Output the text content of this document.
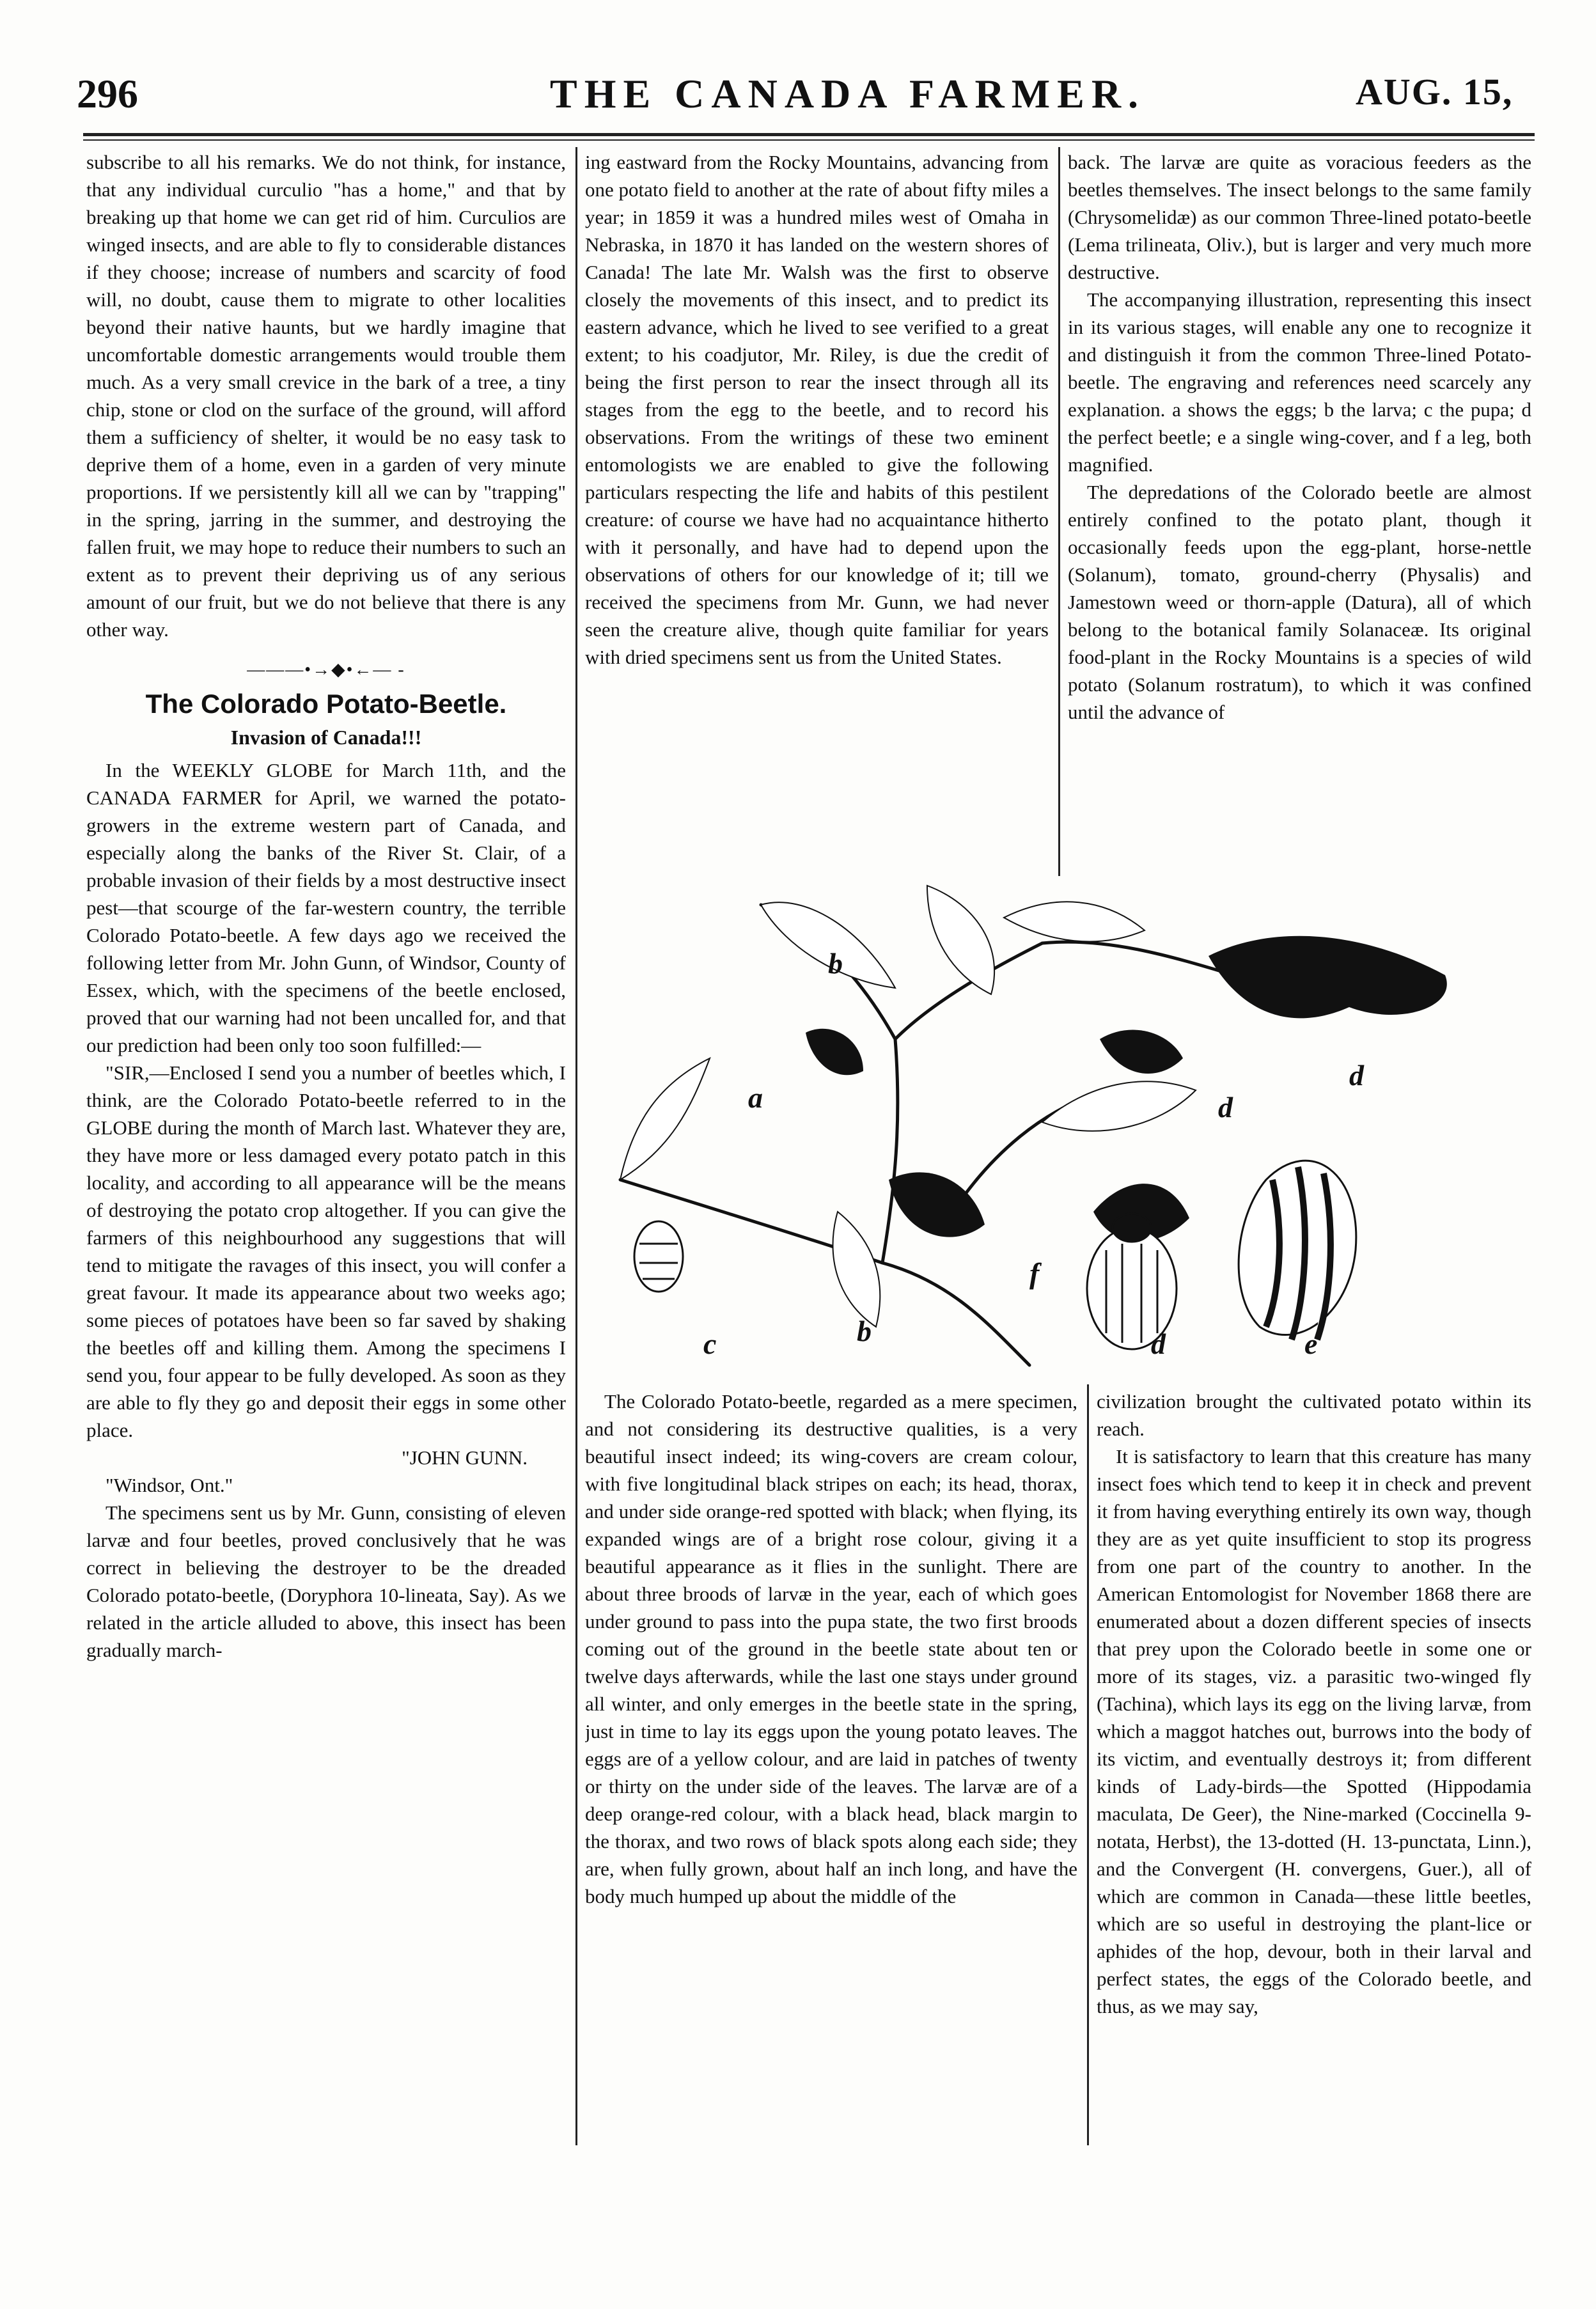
296	THE CANADA FARMER.	AUG. 15,

subscribe to all his remarks. We do not think, for instance, that any individual curculio "has a home," and that by breaking up that home we can get rid of him. Curculios are winged insects, and are able to fly to considerable distances if they choose; increase of numbers and scarcity of food will, no doubt, cause them to migrate to other localities beyond their native haunts, but we hardly imagine that uncomfortable domestic arrangements would trouble them much. As a very small crevice in the bark of a tree, a tiny chip, stone or clod on the surface of the ground, will afford them a sufficiency of shelter, it would be no easy task to deprive them of a home, even in a garden of very minute proportions. If we persistently kill all we can by "trapping" in the spring, jarring in the summer, and destroying the fallen fruit, we may hope to reduce their numbers to such an extent as to prevent their depriving us of any serious amount of our fruit, but we do not believe that there is any other way.

———•→◆•←— -
The Colorado Potato-Beetle.
Invasion of Canada!!!

In the WEEKLY GLOBE for March 11th, and the CANADA FARMER for April, we warned the potato-growers in the extreme western part of Canada, and especially along the banks of the River St. Clair, of a probable invasion of their fields by a most destructive insect pest—that scourge of the far-western country, the terrible Colorado Potato-beetle. A few days ago we received the following letter from Mr. John Gunn, of Windsor, County of Essex, which, with the specimens of the beetle enclosed, proved that our warning had not been uncalled for, and that our prediction had been only too soon fulfilled:—

"SIR,—Enclosed I send you a number of beetles which, I think, are the Colorado Potato-beetle referred to in the GLOBE during the month of March last. Whatever they are, they have more or less damaged every potato patch in this locality, and according to all appearance will be the means of destroying the potato crop altogether. If you can give the farmers of this neighbourhood any suggestions that will tend to mitigate the ravages of this insect, you will confer a great favour. It made its appearance about two weeks ago; some pieces of potatoes have been so far saved by shaking the beetles off and killing them. Among the specimens I send you, four appear to be fully developed. As soon as they are able to fly they go and deposit their eggs in some other place.

"JOHN GUNN.

"Windsor, Ont."

The specimens sent us by Mr. Gunn, consisting of eleven larvæ and four beetles, proved conclusively that he was correct in believing the destroyer to be the dreaded Colorado potato-beetle, (Doryphora 10-lineata, Say). As we related in the article alluded to above, this insect has been gradually march-

ing eastward from the Rocky Mountains, advancing from one potato field to another at the rate of about fifty miles a year; in 1859 it was a hundred miles west of Omaha in Nebraska, in 1870 it has landed on the western shores of Canada! The late Mr. Walsh was the first to observe closely the movements of this insect, and to predict its eastern advance, which he lived to see verified to a great extent; to his coadjutor, Mr. Riley, is due the credit of being the first person to rear the insect through all its stages from the egg to the beetle, and to record his observations. From the writings of these two eminent entomologists we are enabled to give the following particulars respecting the life and habits of this pestilent creature: of course we have had no acquaintance hitherto with it personally, and have had to depend upon the observations of others for our knowledge of it; till we received the specimens from Mr. Gunn, we had never seen the creature alive, though quite familiar for years with dried specimens sent us from the United States.

back. The larvæ are quite as voracious feeders as the beetles themselves. The insect belongs to the same family (Chrysomelidæ) as our common Three-lined potato-beetle (Lema trilineata, Oliv.), but is larger and very much more destructive.

The accompanying illustration, representing this insect in its various stages, will enable any one to recognize it and distinguish it from the common Three-lined Potato-beetle. The engraving and references need scarcely any explanation. a shows the eggs; b the larva; c the pupa; d the perfect beetle; e a single wing-cover, and f a leg, both magnified.

The depredations of the Colorado beetle are almost entirely confined to the potato plant, though it occasionally feeds upon the egg-plant, horse-nettle (Solanum), tomato, ground-cherry (Physalis) and Jamestown weed or thorn-apple (Datura), all of which belong to the botanical family Solanaceæ. Its original food-plant in the Rocky Mountains is a species of wild potato (Solanum rostratum), to which it was confined until the advance of

b
a	d
d
c	b
f
d	e

The Colorado Potato-beetle, regarded as a mere specimen, and not considering its destructive qualities, is a very beautiful insect indeed; its wing-covers are cream colour, with five longitudinal black stripes on each; its head, thorax, and under side orange-red spotted with black; when flying, its expanded wings are of a bright rose colour, giving it a beautiful appearance as it flies in the sunlight. There are about three broods of larvæ in the year, each of which goes under ground to pass into the pupa state, the two first broods coming out of the ground in the beetle state about ten or twelve days afterwards, while the last one stays under ground all winter, and only emerges in the beetle state in the spring, just in time to lay its eggs upon the young potato leaves. The eggs are of a yellow colour, and are laid in patches of twenty or thirty on the under side of the leaves. The larvæ are of a deep orange-red colour, with a black head, black margin to the thorax, and two rows of black spots along each side; they are, when fully grown, about half an inch long, and have the body much humped up about the middle of the

civilization brought the cultivated potato within its reach.

It is satisfactory to learn that this creature has many insect foes which tend to keep it in check and prevent it from having everything entirely its own way, though they are as yet quite insufficient to stop its progress from one part of the country to another. In the American Entomologist for November 1868 there are enumerated about a dozen different species of insects that prey upon the Colorado beetle in some one or more of its stages, viz. a parasitic two-winged fly (Tachina), which lays its egg on the living larvæ, from which a maggot hatches out, burrows into the body of its victim, and eventually destroys it; from different kinds of Lady-birds—the Spotted (Hippodamia maculata, De Geer), the Nine-marked (Coccinella 9-notata, Herbst), the 13-dotted (H. 13-punctata, Linn.), and the Convergent (H. convergens, Guer.), all of which are common in Canada—these little beetles, which are so useful in destroying the plant-lice or aphides of the hop, devour, both in their larval and perfect states, the eggs of the Colorado beetle, and thus, as we may say,
